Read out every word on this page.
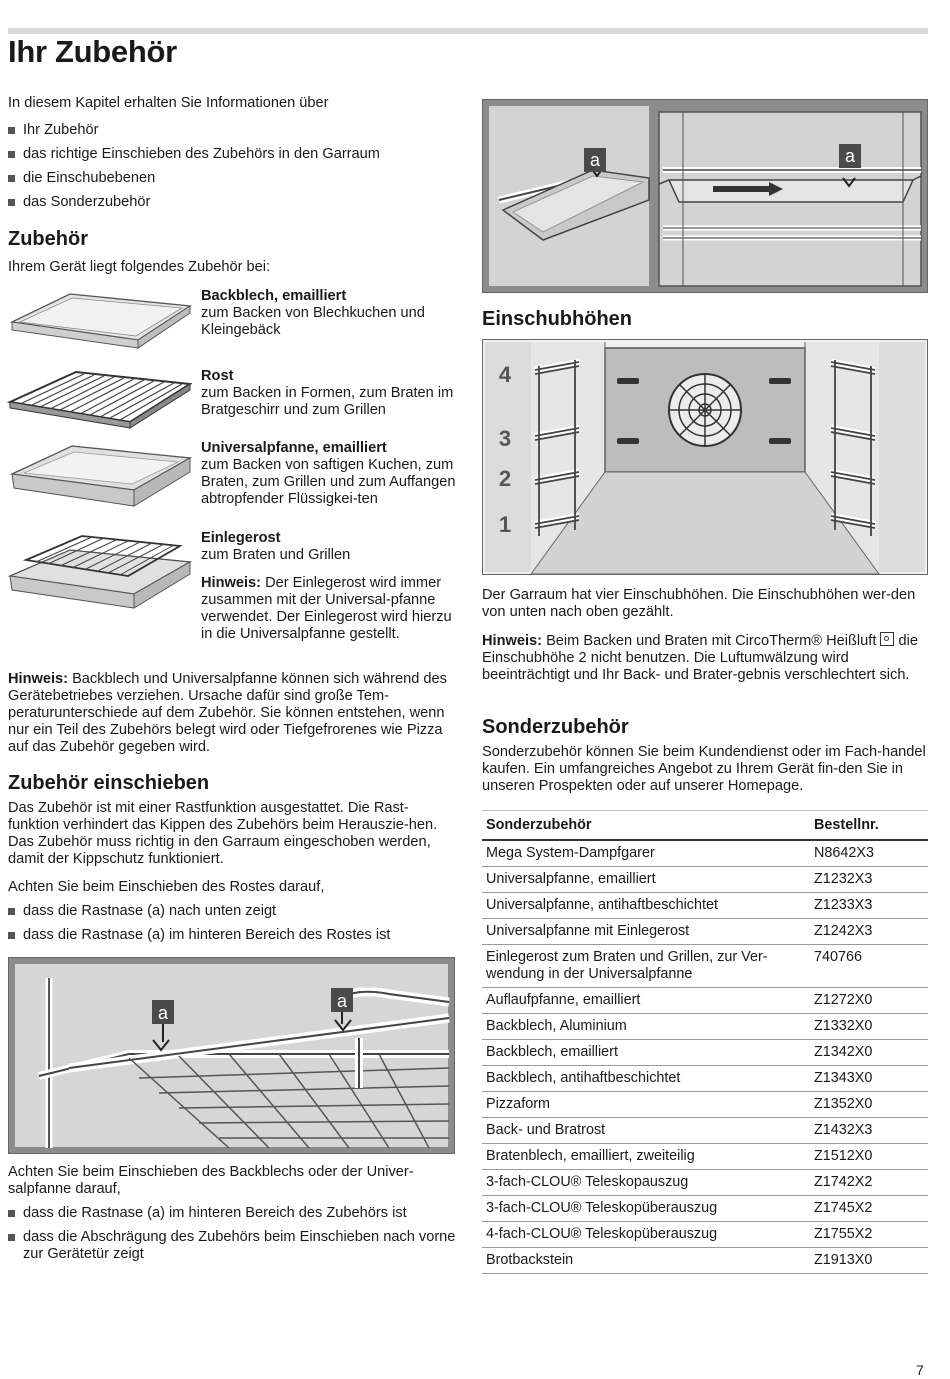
Ihr Zubehör

In diesem Kapitel erhalten Sie Informationen über

Ihr Zubehör
das richtige Einschieben des Zubehörs in den Garraum
die Einschubebenen
das Sonderzubehör
Zubehör

Ihrem Gerät liegt folgendes Zubehör bei:

Backblech, emailliert
zum Backen von Blechkuchen und Kleingebäck
Rost
zum Backen in Formen, zum Braten im Bratgeschirr und zum Grillen
Universalpfanne, emailliert
zum Backen von saftigen Kuchen, zum Braten, zum Grillen und zum Auffangen abtropfender Flüssigkei-ten
Einlegerost
zum Braten und Grillen
Hinweis: Der Einlegerost wird immer zusammen mit der Universal-pfanne verwendet. Der Einlegerost wird hierzu in die Universalpfanne gestellt.

Hinweis: Backblech und Universalpfanne können sich während des Gerätebetriebes verziehen. Ursache dafür sind große Tem-peraturunterschiede auf dem Zubehör. Sie können entstehen, wenn nur ein Teil des Zubehörs belegt wird oder Tiefgefrorenes wie Pizza auf das Zubehör gegeben wird.

Zubehör einschieben

Das Zubehör ist mit einer Rastfunktion ausgestattet. Die Rast-funktion verhindert das Kippen des Zubehörs beim Herauszie-hen. Das Zubehör muss richtig in den Garraum eingeschoben werden, damit der Kippschutz funktioniert.

Achten Sie beim Einschieben des Rostes darauf,

dass die Rastnase (a) nach unten zeigt
dass die Rastnase (a) im hinteren Bereich des Rostes ist
a
a

Achten Sie beim Einschieben des Backblechs oder der Univer-salpfanne darauf,

dass die Rastnase (a) im hinteren Bereich des Zubehörs ist
dass die Abschrägung des Zubehörs beim Einschieben nach vorne zur Gerätetür zeigt
a	a
Einschubhöhen
4
3
2
1

Der Garraum hat vier Einschubhöhen. Die Einschubhöhen wer-den von unten nach oben gezählt.

Hinweis: Beim Backen und Braten mit CircoTherm® Heißluft die Einschubhöhe 2 nicht benutzen. Die Luftumwälzung wird beeinträchtigt und Ihr Back- und Brater-gebnis verschlechtert sich.

Sonderzubehör

Sonderzubehör können Sie beim Kundendienst oder im Fach-handel kaufen. Ein umfangreiches Angebot zu Ihrem Gerät fin-den Sie in unseren Prospekten oder auf unserer Homepage.

Sonderzubehör	Bestellnr.
Mega System-Dampfgarer	N8642X3
Universalpfanne, emailliert	Z1232X3
Universalpfanne, antihaftbeschichtet	Z1233X3
Universalpfanne mit Einlegerost	Z1242X3
Einlegerost zum Braten und Grillen, zur Ver-wendung in der Universalpfanne	740766
Auflaufpfanne, emailliert	Z1272X0
Backblech, Aluminium	Z1332X0
Backblech, emailliert	Z1342X0
Backblech, antihaftbeschichtet	Z1343X0
Pizzaform	Z1352X0
Back- und Bratrost	Z1432X3
Bratenblech, emailliert, zweiteilig	Z1512X0
3-fach-CLOU® Teleskopauszug	Z1742X2
3-fach-CLOU® Teleskopüberauszug	Z1745X2
4-fach-CLOU® Teleskopüberauszug	Z1755X2
Brotbackstein	Z1913X0
7
